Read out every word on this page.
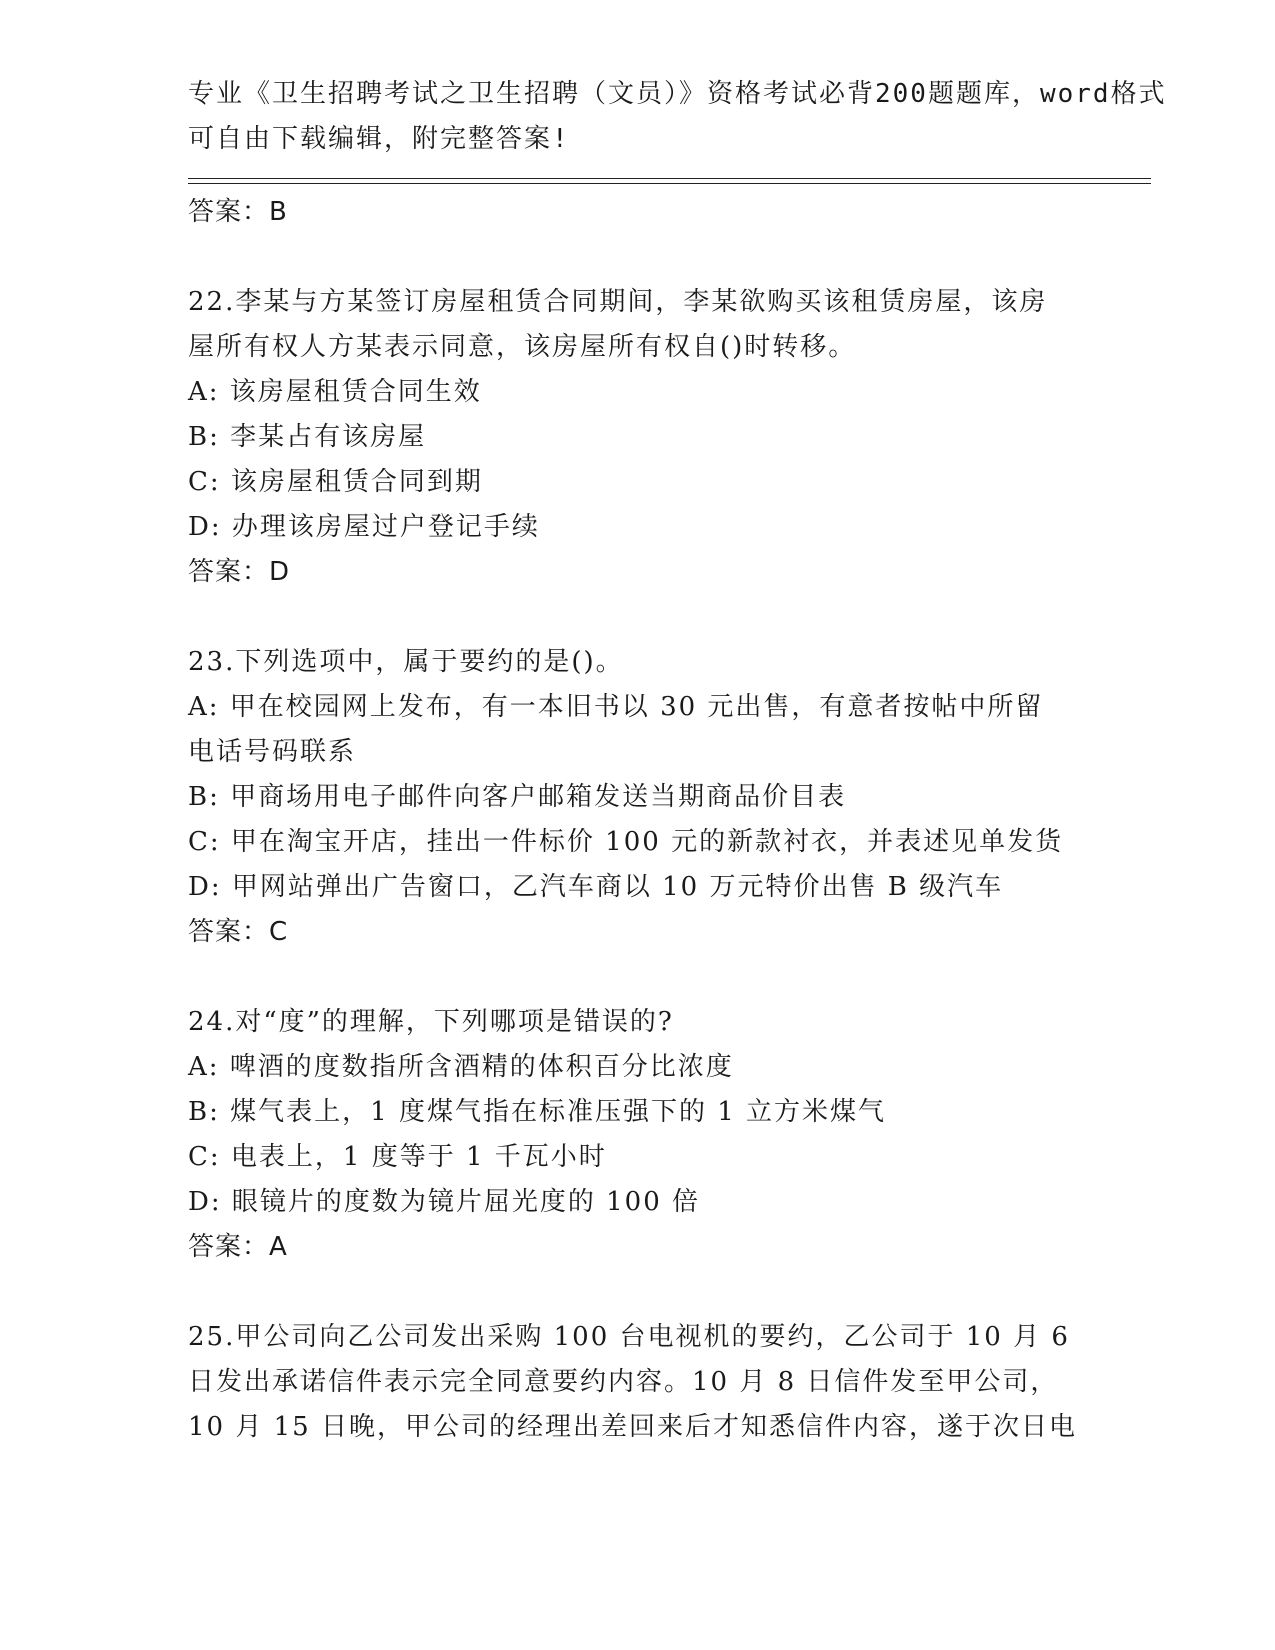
专业《卫生招聘考试之卫生招聘（文员）》资格考试必背200题题库，word格式
可自由下载编辑，附完整答案!
答案：B
22.李某与方某签订房屋租赁合同期间，李某欲购买该租赁房屋，该房
屋所有权人方某表示同意，该房屋所有权自()时转移。
A: 该房屋租赁合同生效
B: 李某占有该房屋
C: 该房屋租赁合同到期
D: 办理该房屋过户登记手续
答案：D
23.下列选项中，属于要约的是()。
A: 甲在校园网上发布，有一本旧书以 30 元出售，有意者按帖中所留
电话号码联系
B: 甲商场用电子邮件向客户邮箱发送当期商品价目表
C: 甲在淘宝开店，挂出一件标价 100 元的新款衬衣，并表述见单发货
D: 甲网站弹出广告窗口，乙汽车商以 10 万元特价出售 B 级汽车
答案：C
24.对“度”的理解，下列哪项是错误的?
A: 啤酒的度数指所含酒精的体积百分比浓度
B: 煤气表上，1 度煤气指在标准压强下的 1 立方米煤气
C: 电表上，1 度等于 1 千瓦小时
D: 眼镜片的度数为镜片屈光度的 100 倍
答案：A
25.甲公司向乙公司发出采购 100 台电视机的要约，乙公司于 10 月 6
日发出承诺信件表示完全同意要约内容。10 月 8 日信件发至甲公司，
10 月 15 日晚，甲公司的经理出差回来后才知悉信件内容，遂于次日电
